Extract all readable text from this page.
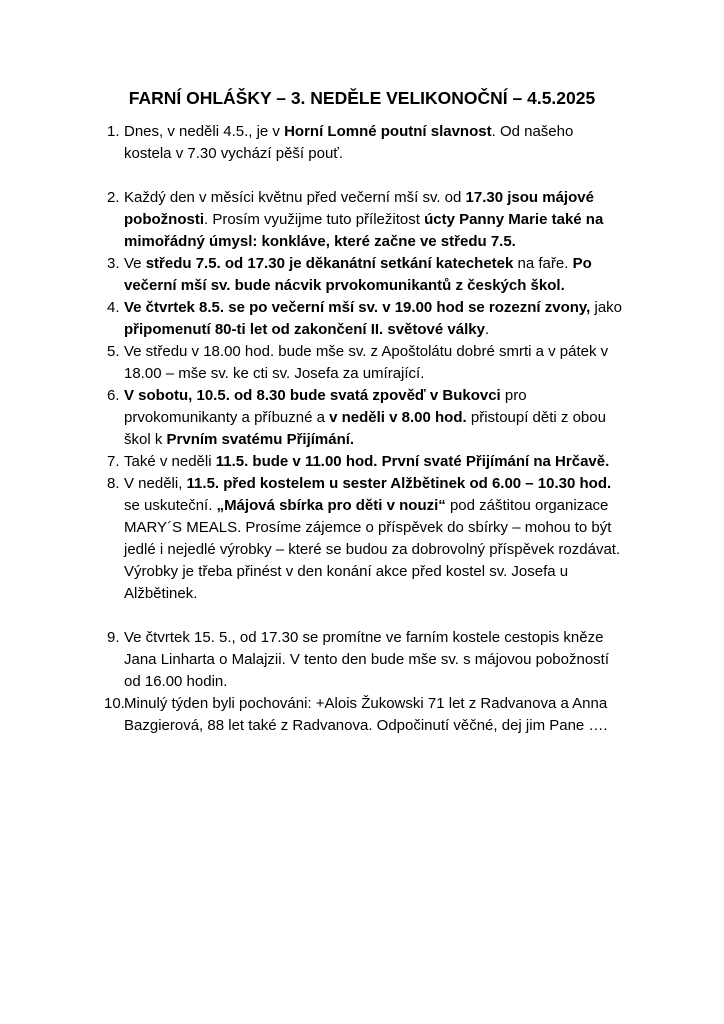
FARNÍ OHLÁŠKY – 3. NEDĚLE VELIKONOČNÍ – 4.5.2025
1. Dnes, v neděli 4.5., je v Horní Lomné poutní slavnost. Od našeho kostela v 7.30 vychází pěší pouť.
2. Každý den v měsíci květnu před večerní mší sv. od 17.30 jsou májové pobožnosti. Prosím využijme tuto příležitost úcty Panny Marie také na mimořádný úmysl: konkláve, které začne ve středu 7.5.
3. Ve středu 7.5. od 17.30 je děkanátní setkání katechetek na faře. Po večerní mší sv. bude nácvik prvokomunikantů z českých škol.
4. Ve čtvrtek 8.5. se po večerní mší sv. v 19.00 hod se rozezní zvony, jako připomenutí 80-ti let od zakončení II. světové války.
5. Ve středu v 18.00 hod. bude mše sv. z Apoštolátu dobré smrti a v pátek v 18.00 – mše sv. ke cti sv. Josefa za umírající.
6. V sobotu, 10.5. od 8.30 bude svatá zpověď v Bukovci pro prvokomunikanty a příbuzné a v neděli v 8.00 hod. přistoupí děti z obou škol k Prvním svatému Přijímání.
7. Také v neděli 11.5. bude v 11.00 hod. První svaté Přijímání na Hrčavě.
8. V neděli, 11.5. před kostelem u sester Alžbětinek od 6.00 – 10.30 hod. se uskuteční. „Májová sbírka pro děti v nouzi“ pod záštitou organizace MARY´S MEALS. Prosíme zájemce o příspěvek do sbírky – mohou to být jedlé i nejedlé výrobky – které se budou za dobrovolný příspěvek rozdávat. Výrobky je třeba přinést v den konání akce před kostel sv. Josefa u Alžbětinek.
9. Ve čtvrtek 15. 5., od 17.30 se promítne ve farním kostele cestopis kněze Jana Linharta o Malajzii. V tento den bude mše sv. s májovou pobožností od 16.00 hodin.
10. Minulý týden byli pochováni: +Alois Žukowski 71 let z Radvanova a Anna Bazgierová, 88 let také z Radvanova. Odpočinutí věčné, dej jim Pane ….
